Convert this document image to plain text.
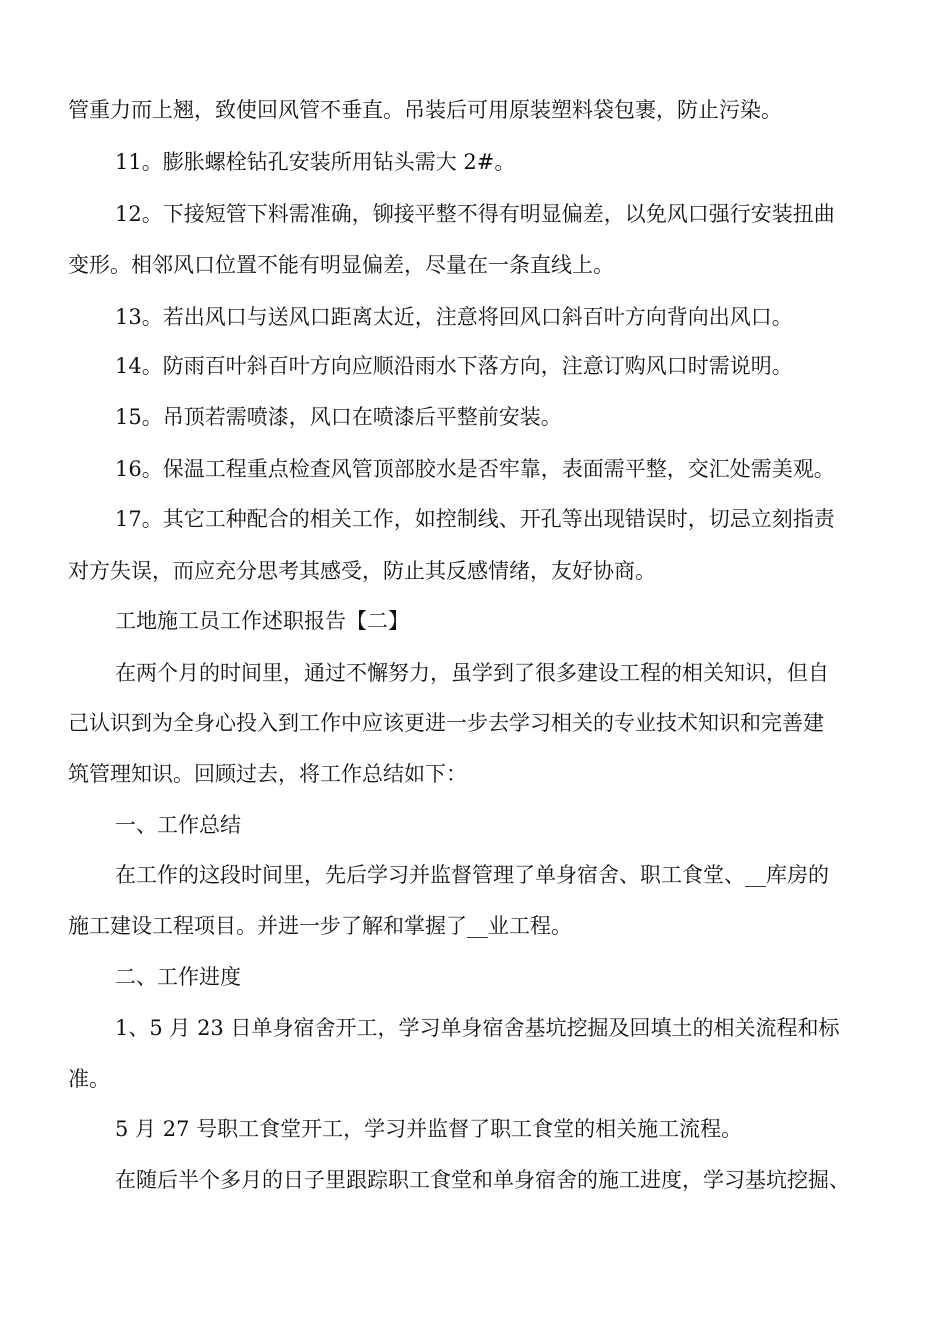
管重力而上翘，致使回风管不垂直。吊装后可用原装塑料袋包裹，防止污染。
11。膨胀螺栓钻孔安装所用钻头需大 2#。
12。下接短管下料需准确，铆接平整不得有明显偏差，以免风口强行安装扭曲
变形。相邻风口位置不能有明显偏差，尽量在一条直线上。
13。若出风口与送风口距离太近，注意将回风口斜百叶方向背向出风口。
14。防雨百叶斜百叶方向应顺沿雨水下落方向，注意订购风口时需说明。
15。吊顶若需喷漆，风口在喷漆后平整前安装。
16。保温工程重点检查风管顶部胶水是否牢靠，表面需平整，交汇处需美观。
17。其它工种配合的相关工作，如控制线、开孔等出现错误时，切忌立刻指责
对方失误，而应充分思考其感受，防止其反感情绪，友好协商。
工地施工员工作述职报告【二】
在两个月的时间里，通过不懈努力，虽学到了很多建设工程的相关知识，但自
己认识到为全身心投入到工作中应该更进一步去学习相关的专业技术知识和完善建
筑管理知识。回顾过去，将工作总结如下：
一、工作总结
在工作的这段时间里，先后学习并监督管理了单身宿舍、职工食堂、__库房的
施工建设工程项目。并进一步了解和掌握了__业工程。
二、工作进度
1、5 月 23 日单身宿舍开工，学习单身宿舍基坑挖掘及回填土的相关流程和标
准。
5 月 27 号职工食堂开工，学习并监督了职工食堂的相关施工流程。
在随后半个多月的日子里跟踪职工食堂和单身宿舍的施工进度，学习基坑挖掘、
